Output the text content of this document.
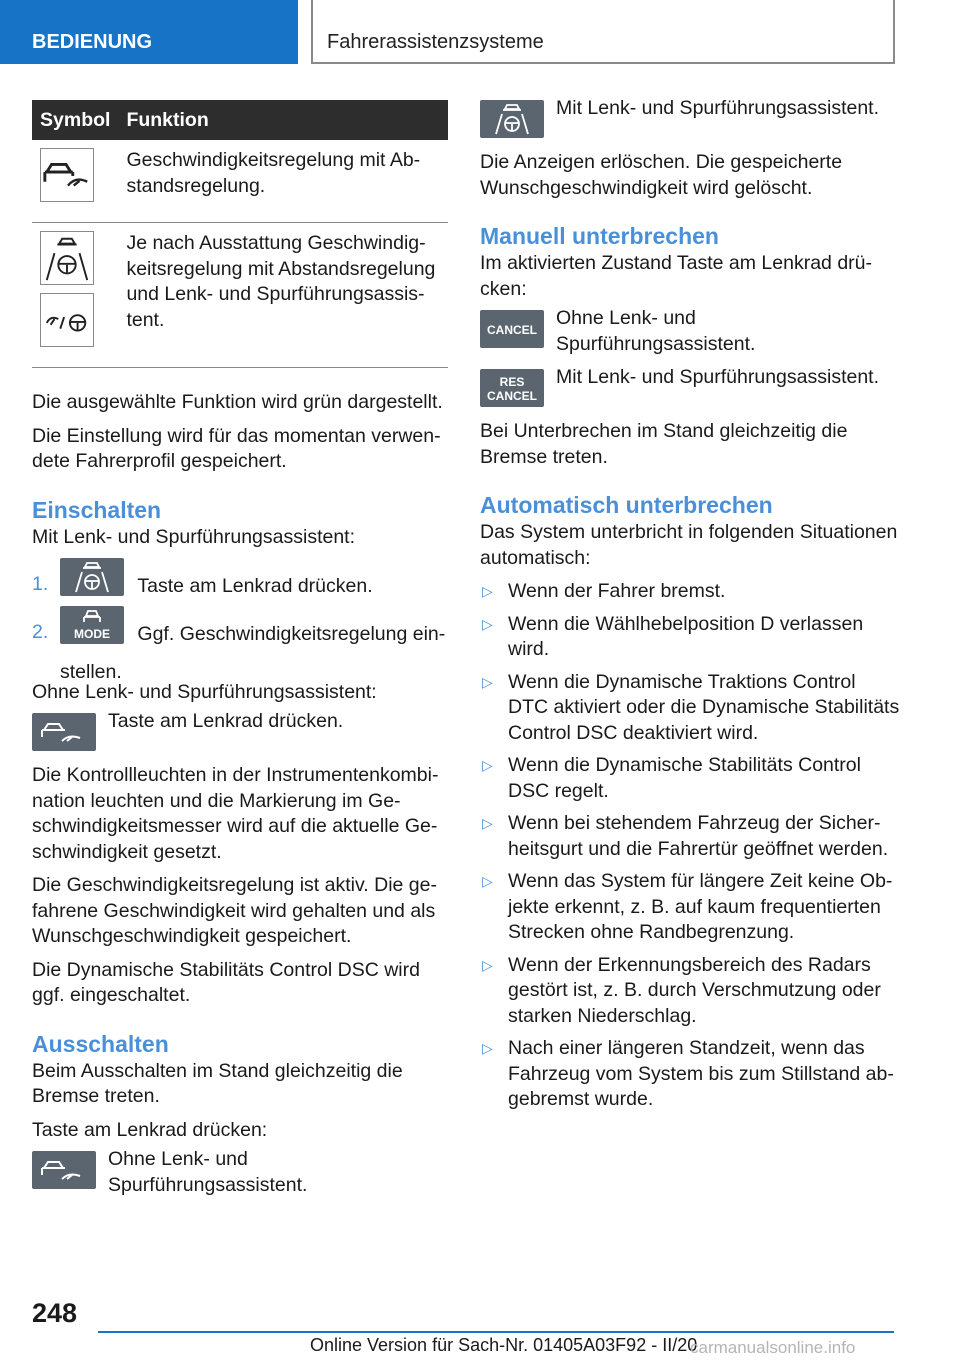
BEDIENUNG	Fahrerassistenzsysteme
Symbol	Funktion

	Geschwindigkeitsregelung mit Ab-standsregelung.

	Je nach Ausstattung Geschwindig-keitsregelung mit Abstandsregelung und Lenk- und Spurführungsassis-tent.

Die ausgewählte Funktion wird grün dargestellt.

Die Einstellung wird für das momentan verwen-dete Fahrerprofil gespeichert.

Einschalten

Mit Lenk- und Spurführungsassistent:

1.	Taste am Lenkrad drücken.
2. MODE Ggf. Geschwindigkeitsregelung ein-stellen.

Ohne Lenk- und Spurführungsassistent:

Taste am Lenkrad drücken.

Die Kontrollleuchten in der Instrumentenkombi-nation leuchten und die Markierung im Ge-schwindigkeitsmesser wird auf die aktuelle Ge-schwindigkeit gesetzt.

Die Geschwindigkeitsregelung ist aktiv. Die ge-fahrene Geschwindigkeit wird gehalten und als Wunschgeschwindigkeit gespeichert.

Die Dynamische Stabilitäts Control DSC wird ggf. eingeschaltet.

Ausschalten

Beim Ausschalten im Stand gleichzeitig die Bremse treten.

Taste am Lenkrad drücken:

Ohne Lenk- und Spurführungsassistent.
Mit Lenk- und Spurführungsassistent.

Die Anzeigen erlöschen. Die gespeicherte Wunschgeschwindigkeit wird gelöscht.

Manuell unterbrechen

Im aktivierten Zustand Taste am Lenkrad drü-cken:

CANCEL
Ohne Lenk- und Spurführungsassistent.
RES
CANCEL
Mit Lenk- und Spurführungsassistent.

Bei Unterbrechen im Stand gleichzeitig die Bremse treten.

Automatisch unterbrechen

Das System unterbricht in folgenden Situationen automatisch:

▷ Wenn der Fahrer bremst.
▷ Wenn die Wählhebelposition D verlassen wird.
▷ Wenn die Dynamische Traktions Control DTC aktiviert oder die Dynamische Stabilitäts Control DSC deaktiviert wird.
▷ Wenn die Dynamische Stabilitäts Control DSC regelt.
▷ Wenn bei stehendem Fahrzeug der Sicher-heitsgurt und die Fahrertür geöffnet werden.
▷ Wenn das System für längere Zeit keine Ob-jekte erkennt, z. B. auf kaum frequentierten Strecken ohne Randbegrenzung.
▷ Wenn der Erkennungsbereich des Radars gestört ist, z. B. durch Verschmutzung oder starken Niederschlag.
▷ Nach einer längeren Standzeit, wenn das Fahrzeug vom System bis zum Stillstand ab-gebremst wurde.
248
Online Version für Sach-Nr. 01405A03F92 - II/20
carmanualsonline.info
